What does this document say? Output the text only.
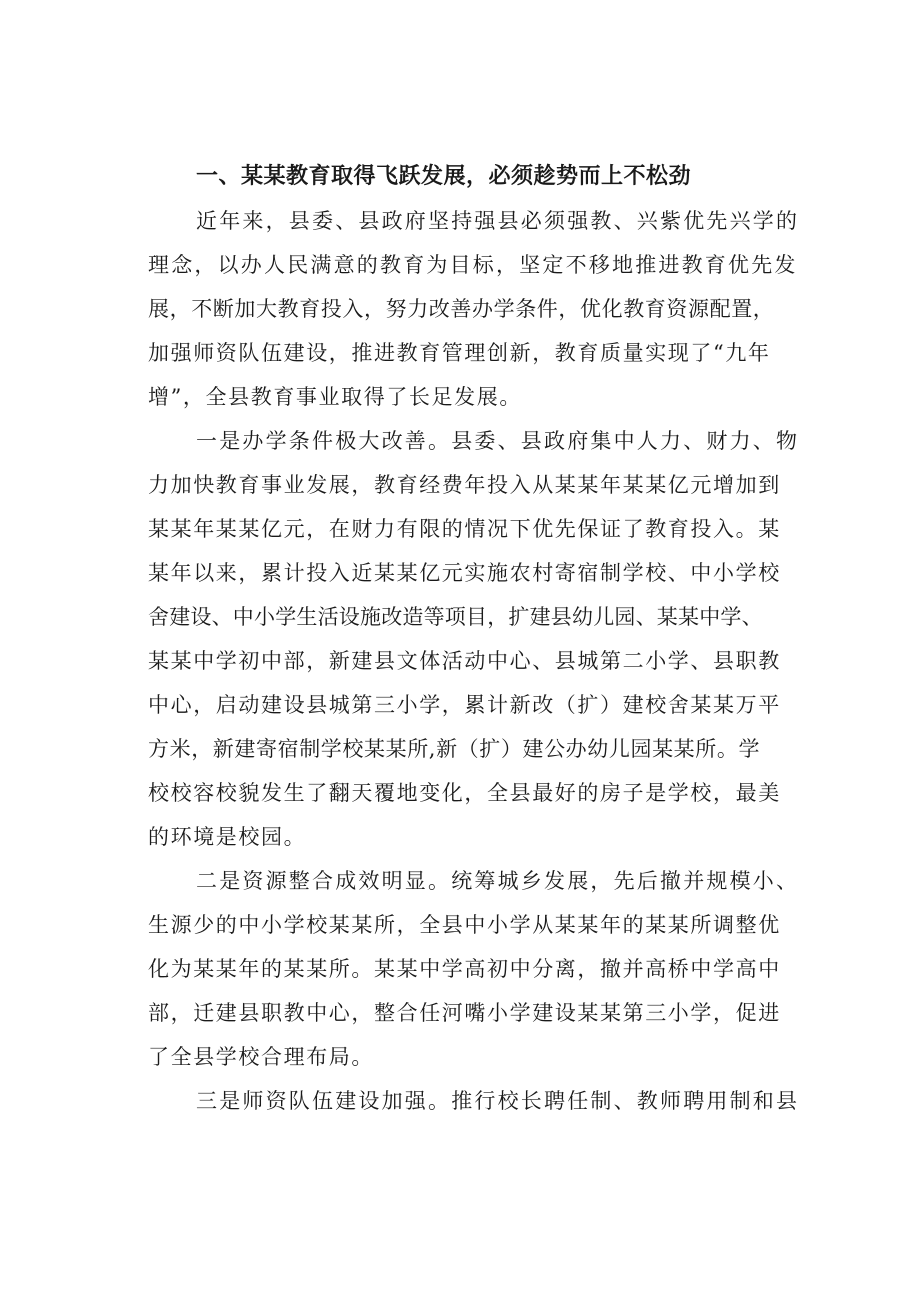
一、某某教育取得飞跃发展，必须趁势而上不松劲
近年来，县委、县政府坚持强县必须强教、兴紫优先兴学的
理念，以办人民满意的教育为目标，坚定不移地推进教育优先发
展，不断加大教育投入，努力改善办学条件，优化教育资源配置，
加强师资队伍建设，推进教育管理创新，教育质量实现了“九年
增”，全县教育事业取得了长足发展。
一是办学条件极大改善。县委、县政府集中人力、财力、物
力加快教育事业发展，教育经费年投入从某某年某某亿元增加到
某某年某某亿元，在财力有限的情况下优先保证了教育投入。某
某年以来，累计投入近某某亿元实施农村寄宿制学校、中小学校
舍建设、中小学生活设施改造等项目，扩建县幼儿园、某某中学、
某某中学初中部，新建县文体活动中心、县城第二小学、县职教
中心，启动建设县城第三小学，累计新改（扩）建校舍某某万平
方米，新建寄宿制学校某某所,新（扩）建公办幼儿园某某所。学
校校容校貌发生了翻天覆地变化，全县最好的房子是学校，最美
的环境是校园。
二是资源整合成效明显。统筹城乡发展，先后撤并规模小、
生源少的中小学校某某所，全县中小学从某某年的某某所调整优
化为某某年的某某所。某某中学高初中分离，撤并高桥中学高中
部，迁建县职教中心，整合任河嘴小学建设某某第三小学，促进
了全县学校合理布局。
三是师资队伍建设加强。推行校长聘任制、教师聘用制和县
